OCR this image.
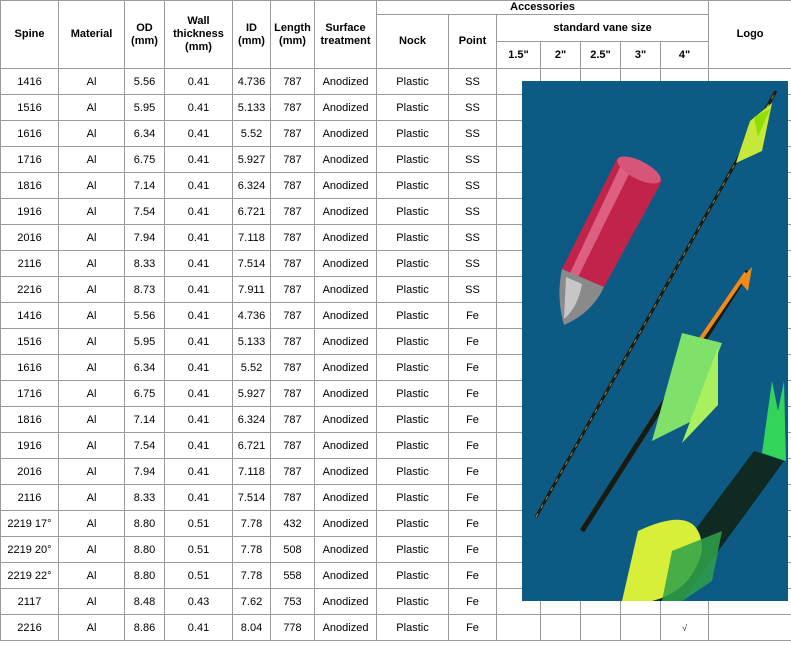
Spine	Material	OD (mm)	Wall thickness (mm)	ID (mm)	Length (mm)	Surface treatment	Accessories							Logo
							Nock	Point	standard vane size					
									1.5"	2"	2.5"	3"	4"	
1416	Al	5.56	0.41	4.736	787	Anodized	Plastic	SS						
1516	Al	5.95	0.41	5.133	787	Anodized	Plastic	SS						
1616	Al	6.34	0.41	5.52	787	Anodized	Plastic	SS						
1716	Al	6.75	0.41	5.927	787	Anodized	Plastic	SS						
1816	Al	7.14	0.41	6.324	787	Anodized	Plastic	SS						
1916	Al	7.54	0.41	6.721	787	Anodized	Plastic	SS						
2016	Al	7.94	0.41	7.118	787	Anodized	Plastic	SS						
2116	Al	8.33	0.41	7.514	787	Anodized	Plastic	SS						
2216	Al	8.73	0.41	7.911	787	Anodized	Plastic	SS						
1416	Al	5.56	0.41	4.736	787	Anodized	Plastic	Fe						
1516	Al	5.95	0.41	5.133	787	Anodized	Plastic	Fe						
1616	Al	6.34	0.41	5.52	787	Anodized	Plastic	Fe						
1716	Al	6.75	0.41	5.927	787	Anodized	Plastic	Fe						
1816	Al	7.14	0.41	6.324	787	Anodized	Plastic	Fe						
1916	Al	7.54	0.41	6.721	787	Anodized	Plastic	Fe						
2016	Al	7.94	0.41	7.118	787	Anodized	Plastic	Fe						
2116	Al	8.33	0.41	7.514	787	Anodized	Plastic	Fe						
2219 17°	Al	8.80	0.51	7.78	432	Anodized	Plastic	Fe						
2219 20°	Al	8.80	0.51	7.78	508	Anodized	Plastic	Fe						
2219 22°	Al	8.80	0.51	7.78	558	Anodized	Plastic	Fe						
2117	Al	8.48	0.43	7.62	753	Anodized	Plastic	Fe						
2216	Al	8.86	0.41	8.04	778	Anodized	Plastic	Fe					√	
